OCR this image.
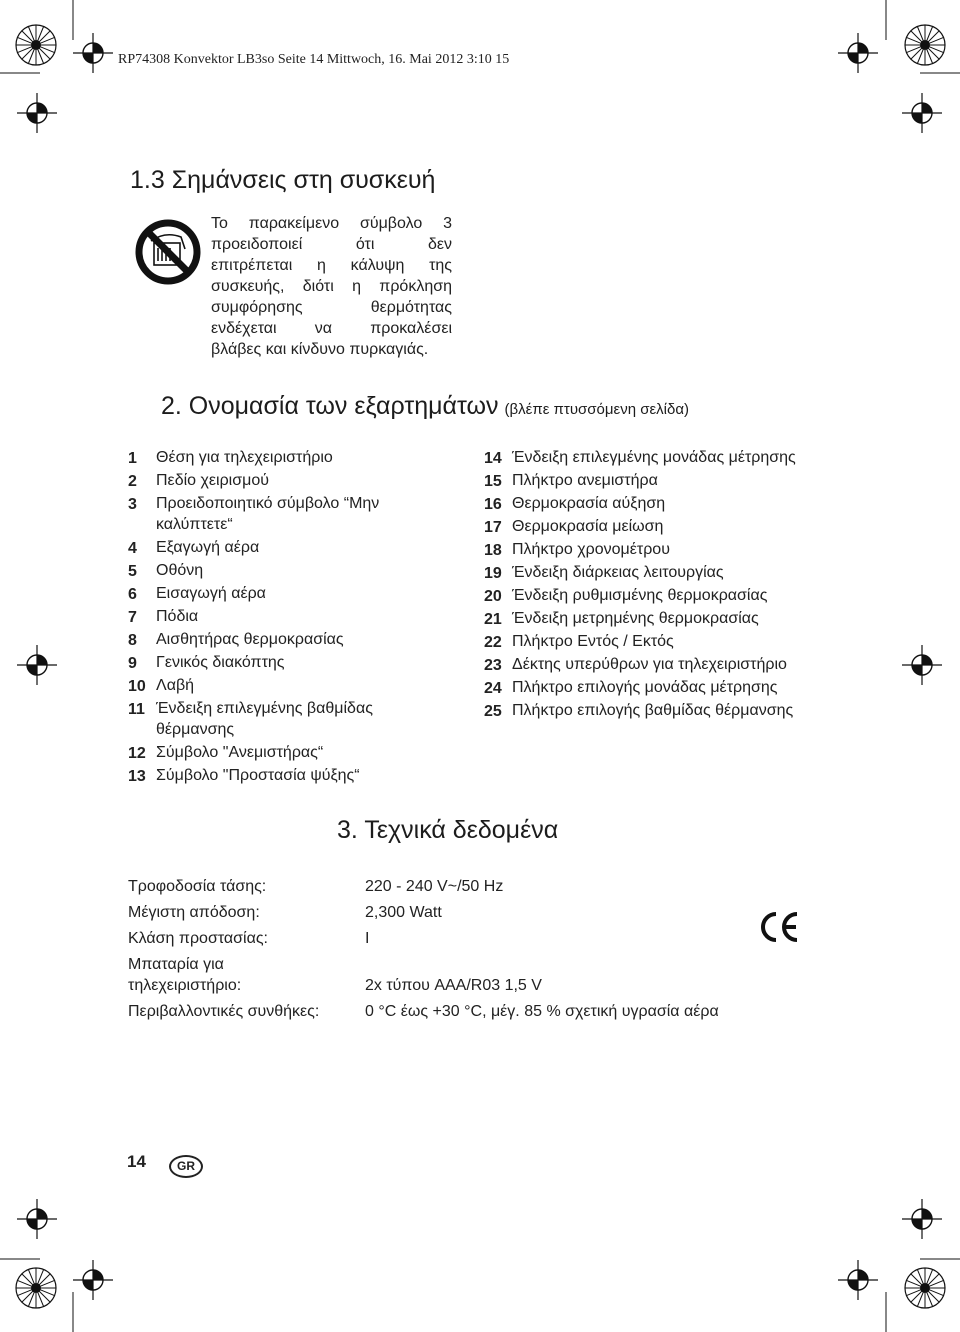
RP74308 Konvektor LB3so Seite 14 Mittwoch, 16. Mai 2012 3:10 15
1.3 Σημάνσεις στη συσκευή
Το παρακείμενο σύμβολο 3
προειδοποιεί ότι δεν
επιτρέπεται η κάλυψη της
συσκευής, διότι η πρόκληση
συμφόρησης θερμότητας
ενδέχεται να προκαλέσει
βλάβες και κίνδυνο πυρκαγιάς.
2. Ονομασία των εξαρτημάτων (βλέπε πτυσσόμενη σελίδα)
1	Θέση για τηλεχειριστήριο
2	Πεδίο χειρισμού
3	Προειδοποιητικό σύμβολο “Μην καλύπτετε“
4	Εξαγωγή αέρα
5	Οθόνη
6	Εισαγωγή αέρα
7	Πόδια
8	Αισθητήρας θερμοκρασίας
9	Γενικός διακόπτης
10 Λαβή
11 Ένδειξη επιλεγμένης βαθμίδας θέρμανσης
12 Σύμβολο "Ανεμιστήρας“
13 Σύμβολο "Προστασία ψύξης“
14 Ένδειξη επιλεγμένης μονάδας μέτρησης
15 Πλήκτρο ανεμιστήρα
16 Θερμοκρασία αύξηση
17 Θερμοκρασία μείωση
18 Πλήκτρο χρονομέτρου
19 Ένδειξη διάρκειας λειτουργίας
20 Ένδειξη ρυθμισμένης θερμοκρασίας
21 Ένδειξη μετρημένης θερμοκρασίας
22 Πλήκτρο Εντός / Εκτός
23 Δέκτης υπερύθρων για τηλεχειριστήριο
24 Πλήκτρο επιλογής μονάδας μέτρησης
25 Πλήκτρο επιλογής βαθμίδας θέρμανσης
3. Τεχνικά δεδομένα
Τροφοδοσία τάσης:	220 - 240 V~/50 Hz
Μέγιστη απόδοση:	2,300 Watt
Κλάση προστασίας:	I
Μπαταρία για τηλεχειριστήριο:	2x τύπου AAA/R03 1,5 V
Περιβαλλοντικές συνθήκες:	0 °C έως +30 °C, μέγ. 85 % σχετική υγρασία αέρα
14	GR
